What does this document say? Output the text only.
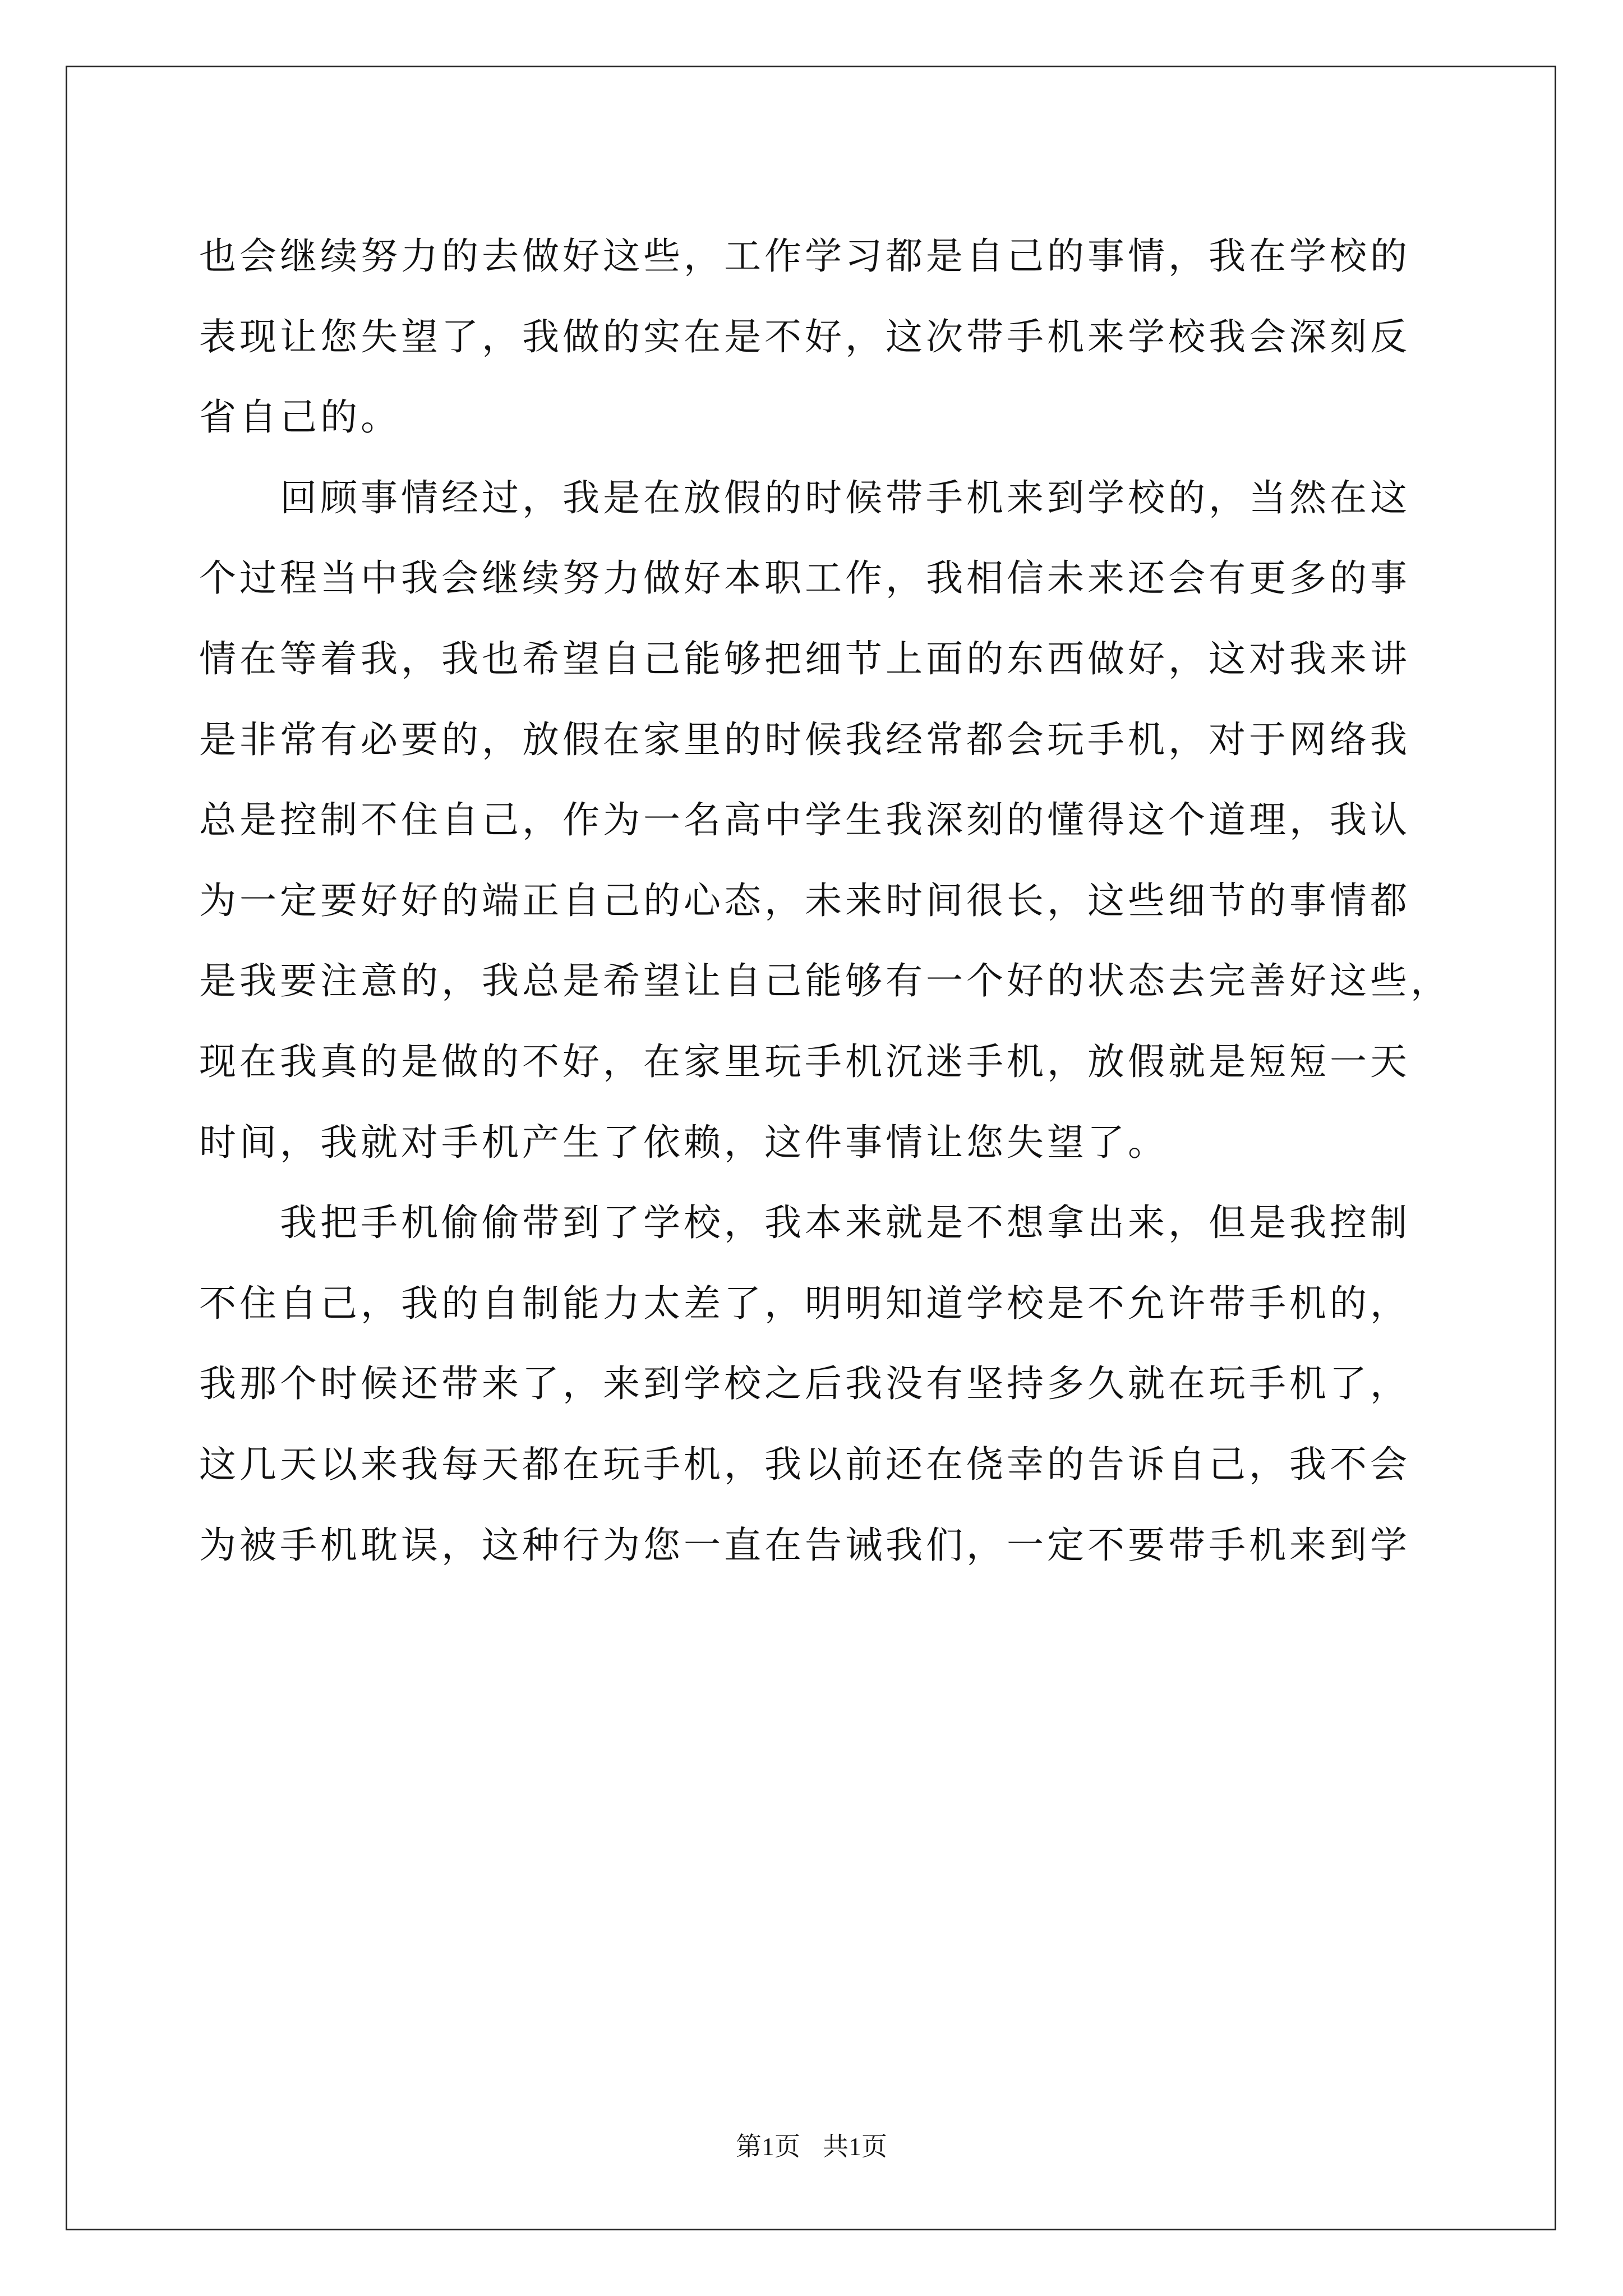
也会继续努力的去做好这些，工作学习都是自己的事情，我在学校的
表现让您失望了，我做的实在是不好，这次带手机来学校我会深刻反
省自己的。
　　回顾事情经过，我是在放假的时候带手机来到学校的，当然在这
个过程当中我会继续努力做好本职工作，我相信未来还会有更多的事
情在等着我，我也希望自己能够把细节上面的东西做好，这对我来讲
是非常有必要的，放假在家里的时候我经常都会玩手机，对于网络我
总是控制不住自己，作为一名高中学生我深刻的懂得这个道理，我认
为一定要好好的端正自己的心态，未来时间很长，这些细节的事情都
是我要注意的，我总是希望让自己能够有一个好的状态去完善好这些，
现在我真的是做的不好，在家里玩手机沉迷手机，放假就是短短一天
时间，我就对手机产生了依赖，这件事情让您失望了。
　　我把手机偷偷带到了学校，我本来就是不想拿出来，但是我控制
不住自己，我的自制能力太差了，明明知道学校是不允许带手机的，
我那个时候还带来了，来到学校之后我没有坚持多久就在玩手机了，
这几天以来我每天都在玩手机，我以前还在侥幸的告诉自己，我不会
为被手机耽误，这种行为您一直在告诫我们，一定不要带手机来到学
第1页 共1页
